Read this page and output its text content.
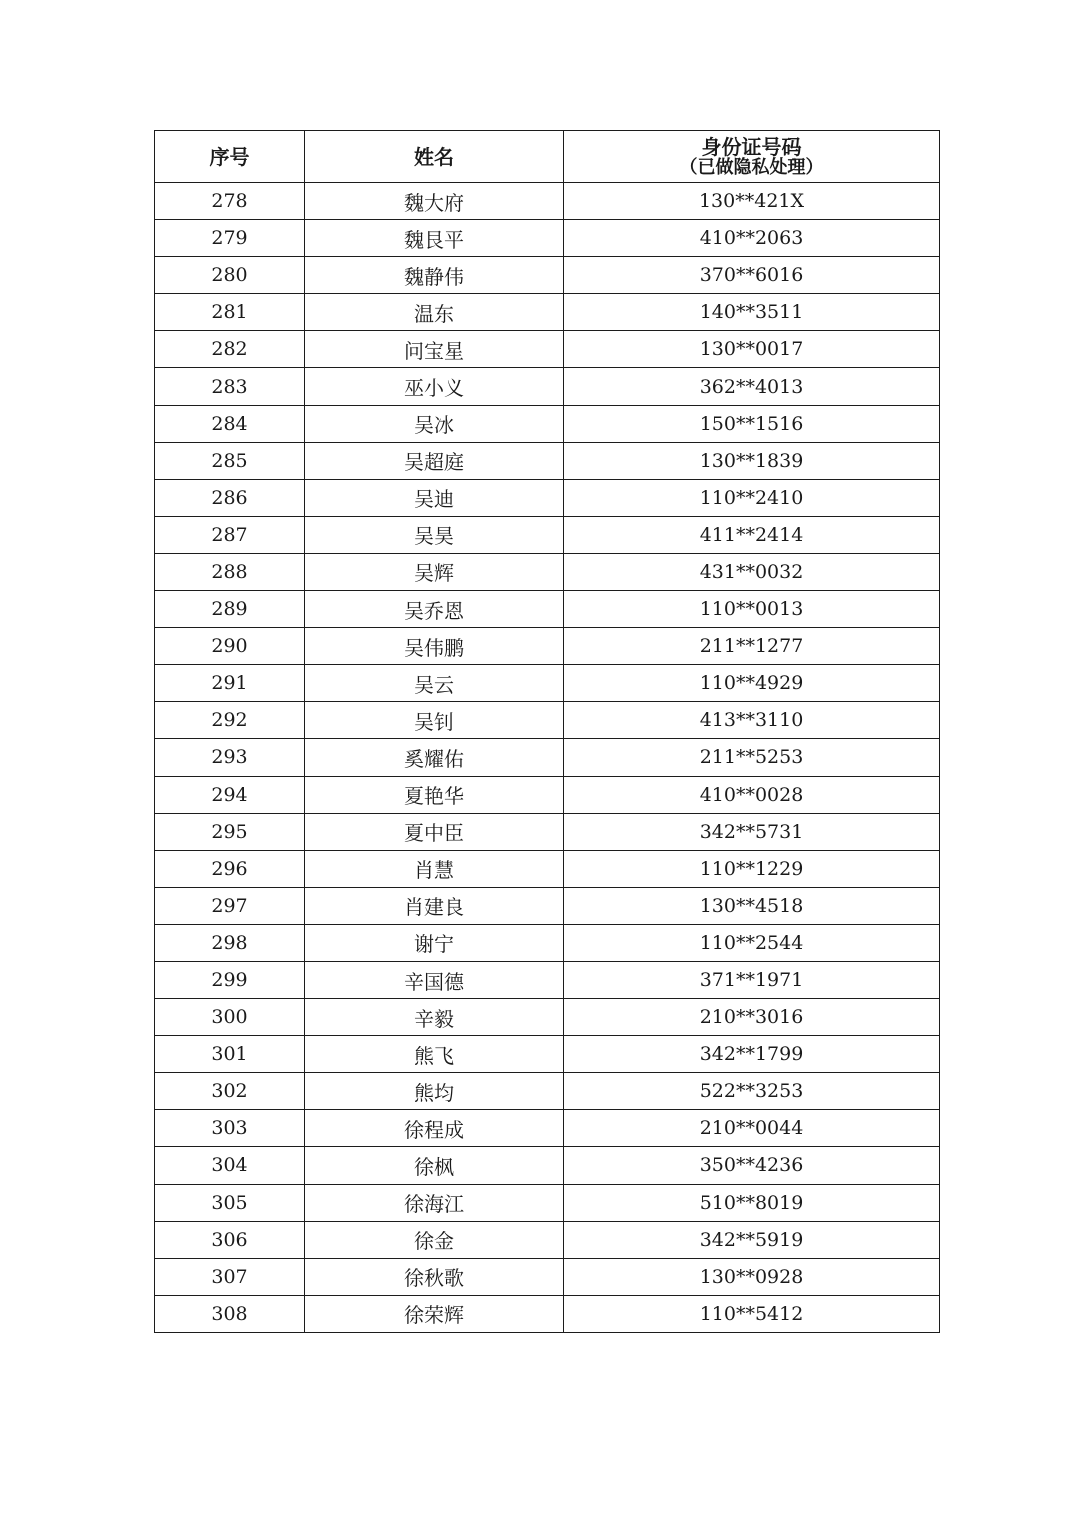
序号	姓名	身份证号码
（已做隐私处理）

278	魏大府	130**421X
279	魏艮平	410**2063
280	魏静伟	370**6016
281	温东	140**3511
282	问宝星	130**0017
283	巫小义	362**4013
284	吴冰	150**1516
285	吴超庭	130**1839
286	吴迪	110**2410
287	吴昊	411**2414
288	吴辉	431**0032
289	吴乔恩	110**0013
290	吴伟鹏	211**1277
291	吴云	110**4929
292	吴钊	413**3110
293	奚耀佑	211**5253
294	夏艳华	410**0028
295	夏中臣	342**5731
296	肖慧	110**1229
297	肖建良	130**4518
298	谢宁	110**2544
299	辛国德	371**1971
300	辛毅	210**3016
301	熊飞	342**1799
302	熊均	522**3253
303	徐程成	210**0044
304	徐枫	350**4236
305	徐海江	510**8019
306	徐金	342**5919
307	徐秋歌	130**0928
308	徐荣辉	110**5412
